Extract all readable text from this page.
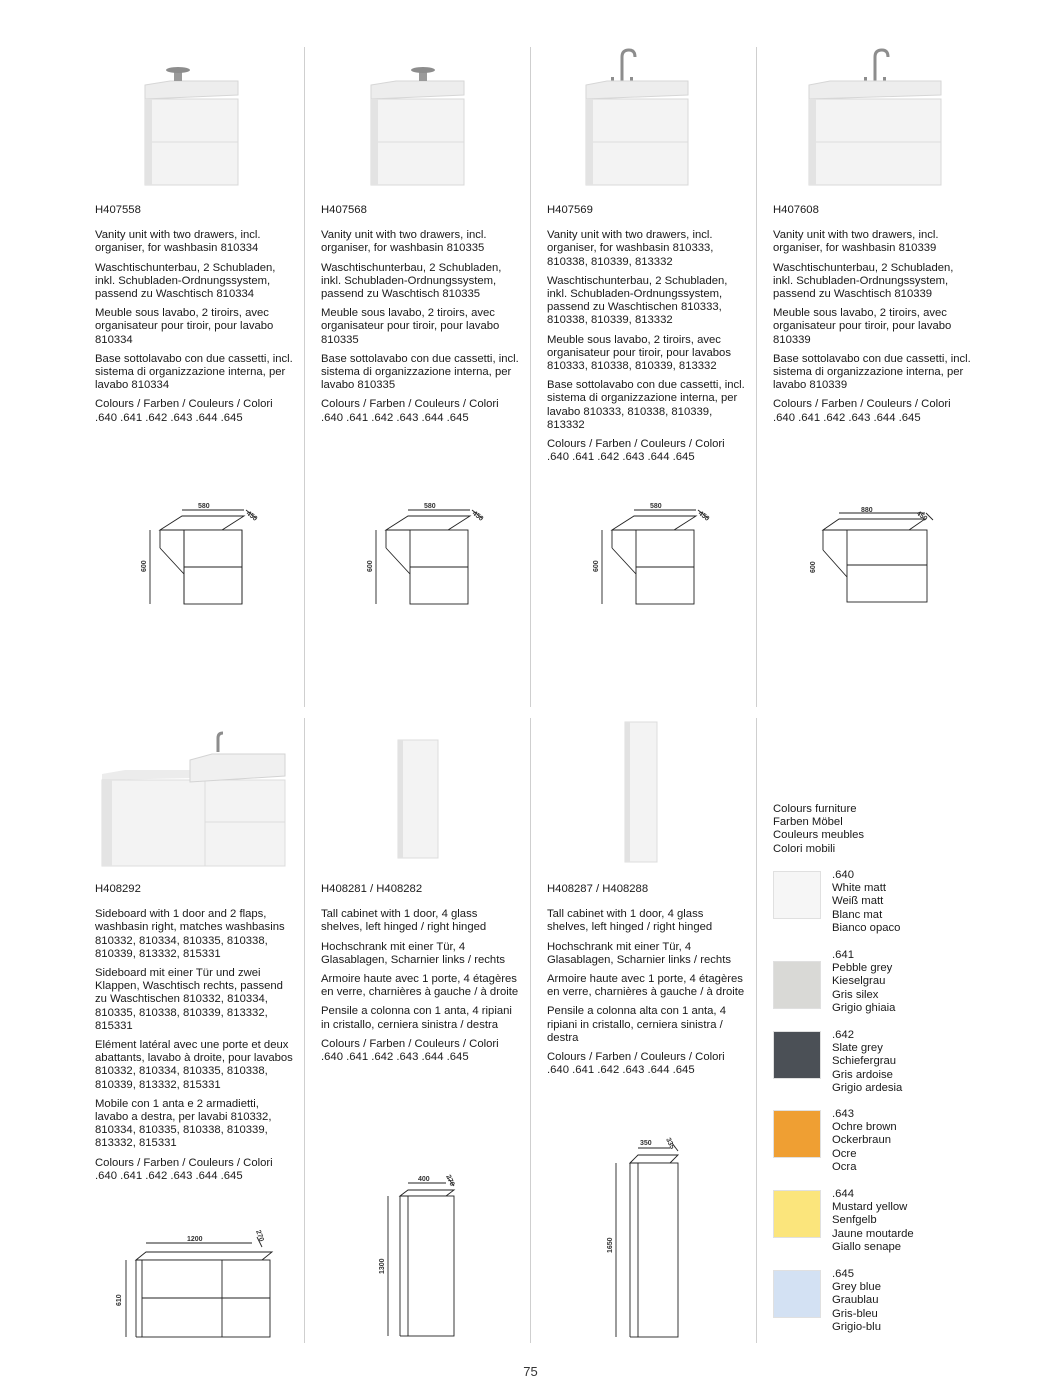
H407558

Vanity unit with two drawers, incl. organiser, for washbasin 810334

Waschtischunterbau, 2 Schubladen, inkl. Schubladen-Ordnungssystem, passend zu Waschtisch 810334

Meuble sous lavabo, 2 tiroirs, avec organisateur pour tiroir, pour lavabo 810334

Base sottolavabo con due cassetti, incl. sistema di organizzazione interna, per lavabo 810334

Colours / Farben / Couleurs / Colori

.640 .641 .642 .643 .644 .645

H407568

Vanity unit with two drawers, incl. organiser, for washbasin 810335

Waschtischunterbau, 2 Schubladen, inkl. Schubladen-Ordnungssystem, passend zu Waschtisch 810335

Meuble sous lavabo, 2 tiroirs, avec organisateur pour tiroir, pour lavabo 810335

Base sottolavabo con due cassetti, incl. sistema di organizzazione interna, per lavabo 810335

Colours / Farben / Couleurs / Colori

.640 .641 .642 .643 .644 .645

H407569

Vanity unit with two drawers, incl. organiser, for washbasin 810333, 810338, 810339, 813332

Waschtischunterbau, 2 Schubladen, inkl. Schubladen-Ordnungssystem, passend zu Waschtischen 810333, 810338, 810339, 813332

Meuble sous lavabo, 2 tiroirs, avec organisateur pour tiroir, pour lavabos 810333, 810338, 810339, 813332

Base sottolavabo con due cassetti, incl. sistema di organizzazione interna, per lavabo 810333, 810338, 810339, 813332

Colours / Farben / Couleurs / Colori

.640 .641 .642 .643 .644 .645

H407608

Vanity unit with two drawers, incl. organiser, for washbasin 810339

Waschtischunterbau, 2 Schubladen, inkl. Schubladen-Ordnungssystem, passend zu Waschtisch 810339

Meuble sous lavabo, 2 tiroirs, avec organisateur pour tiroir, pour lavabo 810339

Base sottolavabo con due cassetti, incl. sistema di organizzazione interna, per lavabo 810339

Colours / Farben / Couleurs / Colori

.640 .641 .642 .643 .644 .645

H408292

Sideboard with 1 door and 2 flaps, washbasin right, matches washbasins 810332, 810334, 810335, 810338, 810339, 813332, 815331

Sideboard mit einer Tür und zwei Klappen, Waschtisch rechts, passend zu Waschtischen 810332, 810334, 810335, 810338, 810339, 813332, 815331

Elément latéral avec une porte et deux abattants, lavabo à droite, pour lavabos 810332, 810334, 810335, 810338, 810339, 813332, 815331

Mobile con 1 anta e 2 armadietti, lavabo a destra, per lavabi 810332, 810334, 810335, 810338, 810339, 813332, 815331

Colours / Farben / Couleurs / Colori

.640 .641 .642 .643 .644 .645

H408281 / H408282

Tall cabinet with 1 door, 4 glass shelves, left hinged / right hinged

Hochschrank mit einer Tür, 4 Glasablagen, Scharnier links / rechts

Armoire haute avec 1 porte, 4 étagères en verre, charnières à gauche / à droite

Pensile a colonna con 1 anta, 4 ripiani in cristallo, cerniera sinistra / destra

Colours / Farben / Couleurs / Colori

.640 .641 .642 .643 .644 .645

H408287 / H408288

Tall cabinet with 1 door, 4 glass shelves, left hinged / right hinged

Hochschrank mit einer Tür, 4 Glasablagen, Scharnier links / rechts

Armoire haute avec 1 porte, 4 étagères en verre, charnières à gauche / à droite

Pensile a colonna alta con 1 anta, 4 ripiani in cristallo, cerniera sinistra / destra

Colours / Farben / Couleurs / Colori

.640 .641 .642 .643 .644 .645

580
450
600
580
450
600
580
450
600
880	450
600
1200	270
610
400 270
1300
350 335
1650
Colours furniture
Farben Möbel
Couleurs meubles
Colori mobili
.640
White matt
Weiß matt
Blanc mat
Bianco opaco
.641
Pebble grey
Kieselgrau
Gris silex
Grigio ghiaia
.642
Slate grey
Schiefergrau
Gris ardoise
Grigio ardesia
.643
Ochre brown
Ockerbraun
Ocre
Ocra
.644
Mustard yellow
Senfgelb
Jaune moutarde
Giallo senape
.645
Grey blue
Graublau
Gris-bleu
Grigio-blu
75
